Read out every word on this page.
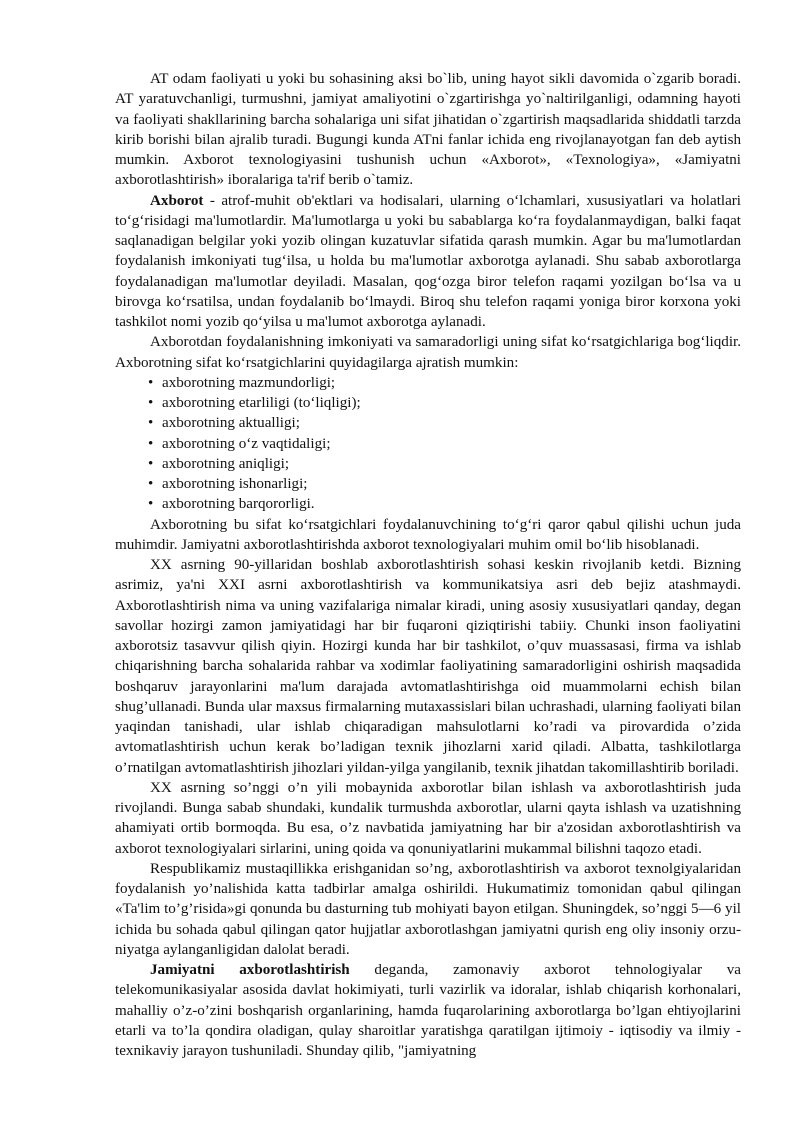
AT odam faoliyati u yoki bu sohasining aksi bo`lib, uning hayot sikli davomida o`zgarib boradi. AT yaratuvchanligi, turmushni, jamiyat amaliyotini o`zgartirishga yo`naltirilganligi, odamning hayoti va faoliyati shakllarining barcha sohalariga uni sifat jihatidan o`zgartirish maqsadlarida shiddatli tarzda kirib borishi bilan ajralib turadi. Bugungi kunda ATni fanlar ichida eng rivojlanayotgan fan deb aytish mumkin. Axborot texnologiyasini tushunish uchun «Axborot», «Texnologiya», «Jamiyatni axborotlashtirish» iboralariga ta'rif berib o`tamiz.

Axborot - atrof-muhit ob'ektlari va hodisalari, ularning o‘lchamlari, xususiyatlari va holatlari to‘g‘risidagi ma'lumotlardir. Ma'lumotlarga u yoki bu sabablarga ko‘ra foydalanmaydigan, balki faqat saqlanadigan belgilar yoki yozib olingan kuzatuvlar sifatida qarash mumkin. Agar bu ma'lumotlardan foydalanish imkoniyati tug‘ilsa, u holda bu ma'lumotlar axborotga aylanadi. Shu sabab axborotlarga foydalanadigan ma'lumotlar deyiladi. Masalan, qog‘ozga biror telefon raqami yozilgan bo‘lsa va u birovga ko‘rsatilsa, undan foydalanib bo‘lmaydi. Biroq shu telefon raqami yoniga biror korxona yoki tashkilot nomi yozib qo‘yilsa u ma'lumot axborotga aylanadi.

Axborotdan foydalanishning imkoniyati va samaradorligi uning sifat ko‘rsatgichlariga bog‘liqdir. Axborotning sifat ko‘rsatgichlarini quyidagilarga ajratish mumkin:

• axborotning mazmundorligi;
• axborotning etarliligi (to‘liqligi);
• axborotning aktualligi;
• axborotning o‘z vaqtidaligi;
• axborotning aniqligi;
• axborotning ishonarligi;
• axborotning barqororligi.

Axborotning bu sifat ko‘rsatgichlari foydalanuvchining to‘g‘ri qaror qabul qilishi uchun juda muhimdir. Jamiyatni axborotlashtirishda axborot texnologiyalari muhim omil bo‘lib hisoblanadi.

XX asrning 90-yillaridan boshlab axborotlashtirish sohasi keskin rivojlanib ketdi. Bizning asrimiz, ya'ni XXI asrni axborotlashtirish va kommunikatsiya asri deb bejiz atashmaydi. Axborotlashtirish nima va uning vazifalariga nimalar kiradi, uning asosiy xususiyatlari qanday, degan savollar hozirgi zamon jamiyatidagi har bir fuqaroni qiziqtirishi tabiiy. Chunki inson faoliyatini axborotsiz tasavvur qilish qiyin. Hozirgi kunda har bir tashkilot, o’quv muassasasi, firma va ishlab chiqarishning barcha sohalarida rahbar va xodimlar faoliyatining samaradorligini oshirish maqsadida boshqaruv jarayonlarini ma'lum darajada avtomatlashtirishga oid muammolarni echish bilan shug’ullanadi. Bunda ular maxsus firmalarning mutaxassislari bilan uchrashadi, ularning faoliyati bilan yaqindan tanishadi, ular ishlab chiqaradigan mahsulotlarni ko’radi va pirovardida o’zida avtomatlashtirish uchun kerak bo’ladigan texnik jihozlarni xarid qiladi. Albatta, tashkilotlarga o’rnatilgan avtomatlashtirish jihozlari yildan-yilga yangilanib, texnik jihatdan takomillashtirib boriladi.

XX asrning so’nggi o’n yili mobaynida axborotlar bilan ishlash va axborotlashtirish juda rivojlandi. Bunga sabab shundaki, kundalik turmushda axborotlar, ularni qayta ishlash va uzatishning ahamiyati ortib bormoqda. Bu esa, o’z navbatida jamiyatning har bir a'zosidan axborotlashtirish va axborot texnologiyalari sirlarini, uning qoida va qonuniyatlarini mukammal bilishni taqozo etadi.

Respublikamiz mustaqillikka erishganidan so’ng, axborotlashtirish va axborot texnolgiyalaridan foydalanish yo’nalishida katta tadbirlar amalga oshirildi. Hukumatimiz tomonidan qabul qilingan «Ta'lim to’g’risida»gi qonunda bu dasturning tub mohiyati bayon etilgan. Shuningdek, so’nggi 5—6 yil ichida bu sohada qabul qilingan qator hujjatlar axborotlashgan jamiyatni qurish eng oliy insoniy orzu-niyatga aylanganligidan dalolat beradi.

Jamiyatni axborotlashtirish deganda, zamonaviy axborot tehnologiyalar va telekomunikasiyalar asosida davlat hokimiyati, turli vazirlik va idoralar, ishlab chiqarish korhonalari, mahalliy o’z-o’zini boshqarish organlarining, hamda fuqarolarining axborotlarga bo’lgan ehtiyojlarini etarli va to’la qondira oladigan, qulay sharoitlar yaratishga qaratilgan ijtimoiy - iqtisodiy va ilmiy - texnikaviy jarayon tushuniladi. Shunday qilib, "jamiyatning
